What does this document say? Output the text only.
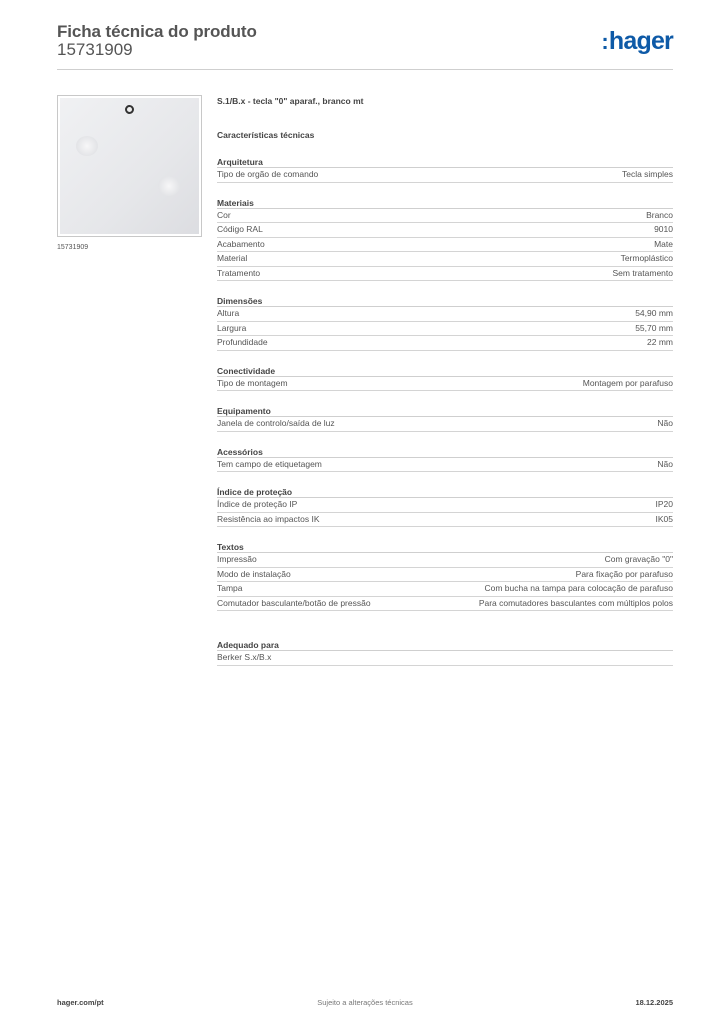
Ficha técnica do produto
15731909	:hager
15731909
S.1/B.x - tecla "0" aparaf., branco mt
Características técnicas
Arquitetura
Tipo de orgão de comando	Tecla simples
Materiais
Cor	Branco
Código RAL	9010
Acabamento	Mate
Material	Termoplástico
Tratamento	Sem tratamento
Dimensões
Altura	54,90 mm
Largura	55,70 mm
Profundidade	22 mm
Conectividade
Tipo de montagem	Montagem por parafuso
Equipamento
Janela de controlo/saída de luz	Não
Acessórios
Tem campo de etiquetagem	Não
Índice de proteção
Índice de proteção IP	IP20
Resistência ao impactos IK	IK05
Textos
Impressão	Com gravação "0"
Modo de instalação	Para fixação por parafuso
Tampa	Com bucha na tampa para colocação de parafuso
Comutador basculante/botão de pressão	Para comutadores basculantes com múltiplos polos
Adequado para
Berker S.x/B.x
Sujeito a alterações técnicas
hager.com/pt	18.12.2025
